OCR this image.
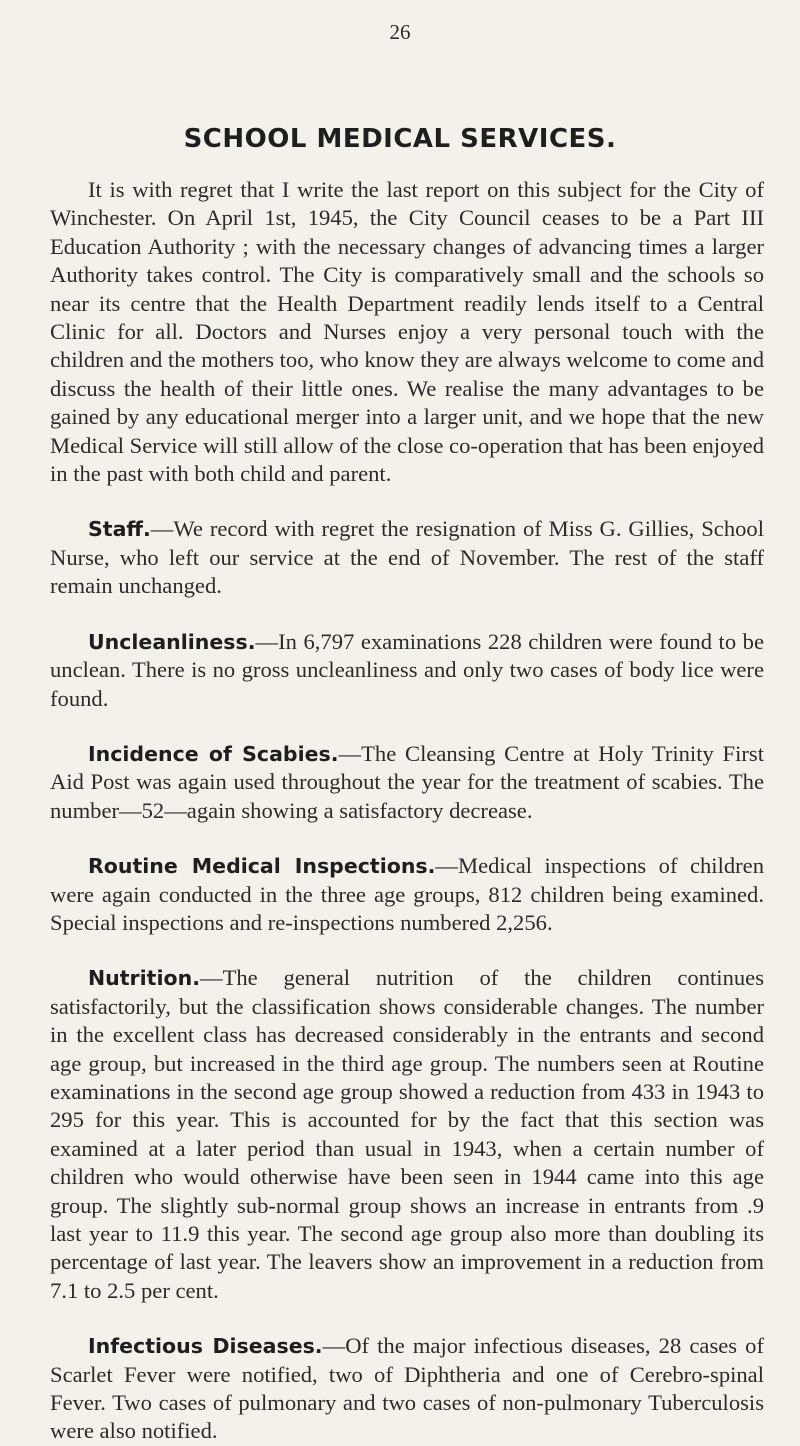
26
SCHOOL MEDICAL SERVICES.

It is with regret that I write the last report on this subject for the City of Winchester. On April 1st, 1945, the City Council ceases to be a Part III Education Authority ; with the necessary changes of advancing times a larger Authority takes control. The City is comparatively small and the schools so near its centre that the Health Department readily lends itself to a Central Clinic for all. Doctors and Nurses enjoy a very personal touch with the children and the mothers too, who know they are always welcome to come and discuss the health of their little ones. We realise the many advantages to be gained by any educational merger into a larger unit, and we hope that the new Medical Service will still allow of the close co-operation that has been enjoyed in the past with both child and parent.

Staff.—We record with regret the resignation of Miss G. Gillies, School Nurse, who left our service at the end of November. The rest of the staff remain unchanged.

Uncleanliness.—In 6,797 examinations 228 children were found to be unclean. There is no gross uncleanliness and only two cases of body lice were found.

Incidence of Scabies.—The Cleansing Centre at Holy Trinity First Aid Post was again used throughout the year for the treatment of scabies. The number—52—again showing a satisfactory decrease.

Routine Medical Inspections.—Medical inspections of children were again conducted in the three age groups, 812 children being examined. Special inspections and re-inspections numbered 2,256.

Nutrition.—The general nutrition of the children continues satisfactorily, but the classification shows considerable changes. The number in the excellent class has decreased considerably in the entrants and second age group, but increased in the third age group. The numbers seen at Routine examinations in the second age group showed a reduction from 433 in 1943 to 295 for this year. This is accounted for by the fact that this section was examined at a later period than usual in 1943, when a certain number of children who would otherwise have been seen in 1944 came into this age group. The slightly sub-normal group shows an increase in entrants from .9 last year to 11.9 this year. The second age group also more than doubling its percentage of last year. The leavers show an improvement in a reduction from 7.1 to 2.5 per cent.

Infectious Diseases.—Of the major infectious diseases, 28 cases of Scarlet Fever were notified, two of Diphtheria and one of Cerebro-spinal Fever. Two cases of pulmonary and two cases of non-pulmonary Tuberculosis were also notified.
